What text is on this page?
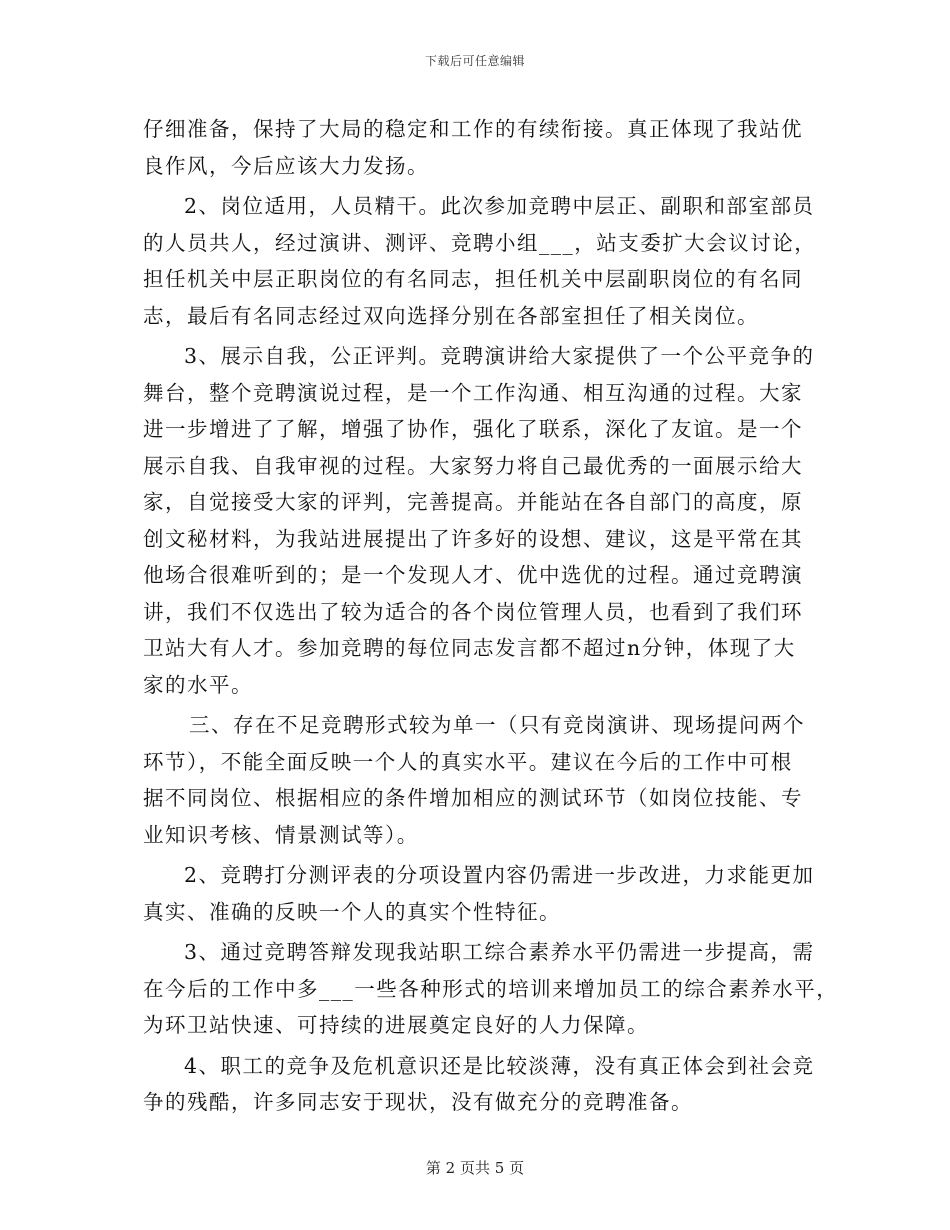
下载后可任意编辑

仔细准备，保持了大局的稳定和工作的有续衔接。真正体现了我站优
良作风，今后应该大力发扬。

2、岗位适用，人员精干。此次参加竞聘中层正、副职和部室部员
的人员共人，经过演讲、测评、竞聘小组___，站支委扩大会议讨论，
担任机关中层正职岗位的有名同志，担任机关中层副职岗位的有名同
志，最后有名同志经过双向选择分别在各部室担任了相关岗位。

3、展示自我，公正评判。竞聘演讲给大家提供了一个公平竞争的
舞台，整个竞聘演说过程，是一个工作沟通、相互沟通的过程。大家
进一步增进了了解，增强了协作，强化了联系，深化了友谊。是一个
展示自我、自我审视的过程。大家努力将自己最优秀的一面展示给大
家，自觉接受大家的评判，完善提高。并能站在各自部门的高度，原
创文秘材料，为我站进展提出了许多好的设想、建议，这是平常在其
他场合很难听到的；是一个发现人才、优中选优的过程。通过竞聘演
讲，我们不仅选出了较为适合的各个岗位管理人员，也看到了我们环
卫站大有人才。参加竞聘的每位同志发言都不超过n分钟，体现了大
家的水平。

三、存在不足竞聘形式较为单一（只有竞岗演讲、现场提问两个
环节），不能全面反映一个人的真实水平。建议在今后的工作中可根
据不同岗位、根据相应的条件增加相应的测试环节（如岗位技能、专
业知识考核、情景测试等）。

2、竞聘打分测评表的分项设置内容仍需进一步改进，力求能更加
真实、准确的反映一个人的真实个性特征。

3、通过竞聘答辩发现我站职工综合素养水平仍需进一步提高，需
在今后的工作中多___一些各种形式的培训来增加员工的综合素养水平，
为环卫站快速、可持续的进展奠定良好的人力保障。

4、职工的竞争及危机意识还是比较淡薄，没有真正体会到社会竞
争的残酷，许多同志安于现状，没有做充分的竞聘准备。

第 2 页共 5 页
